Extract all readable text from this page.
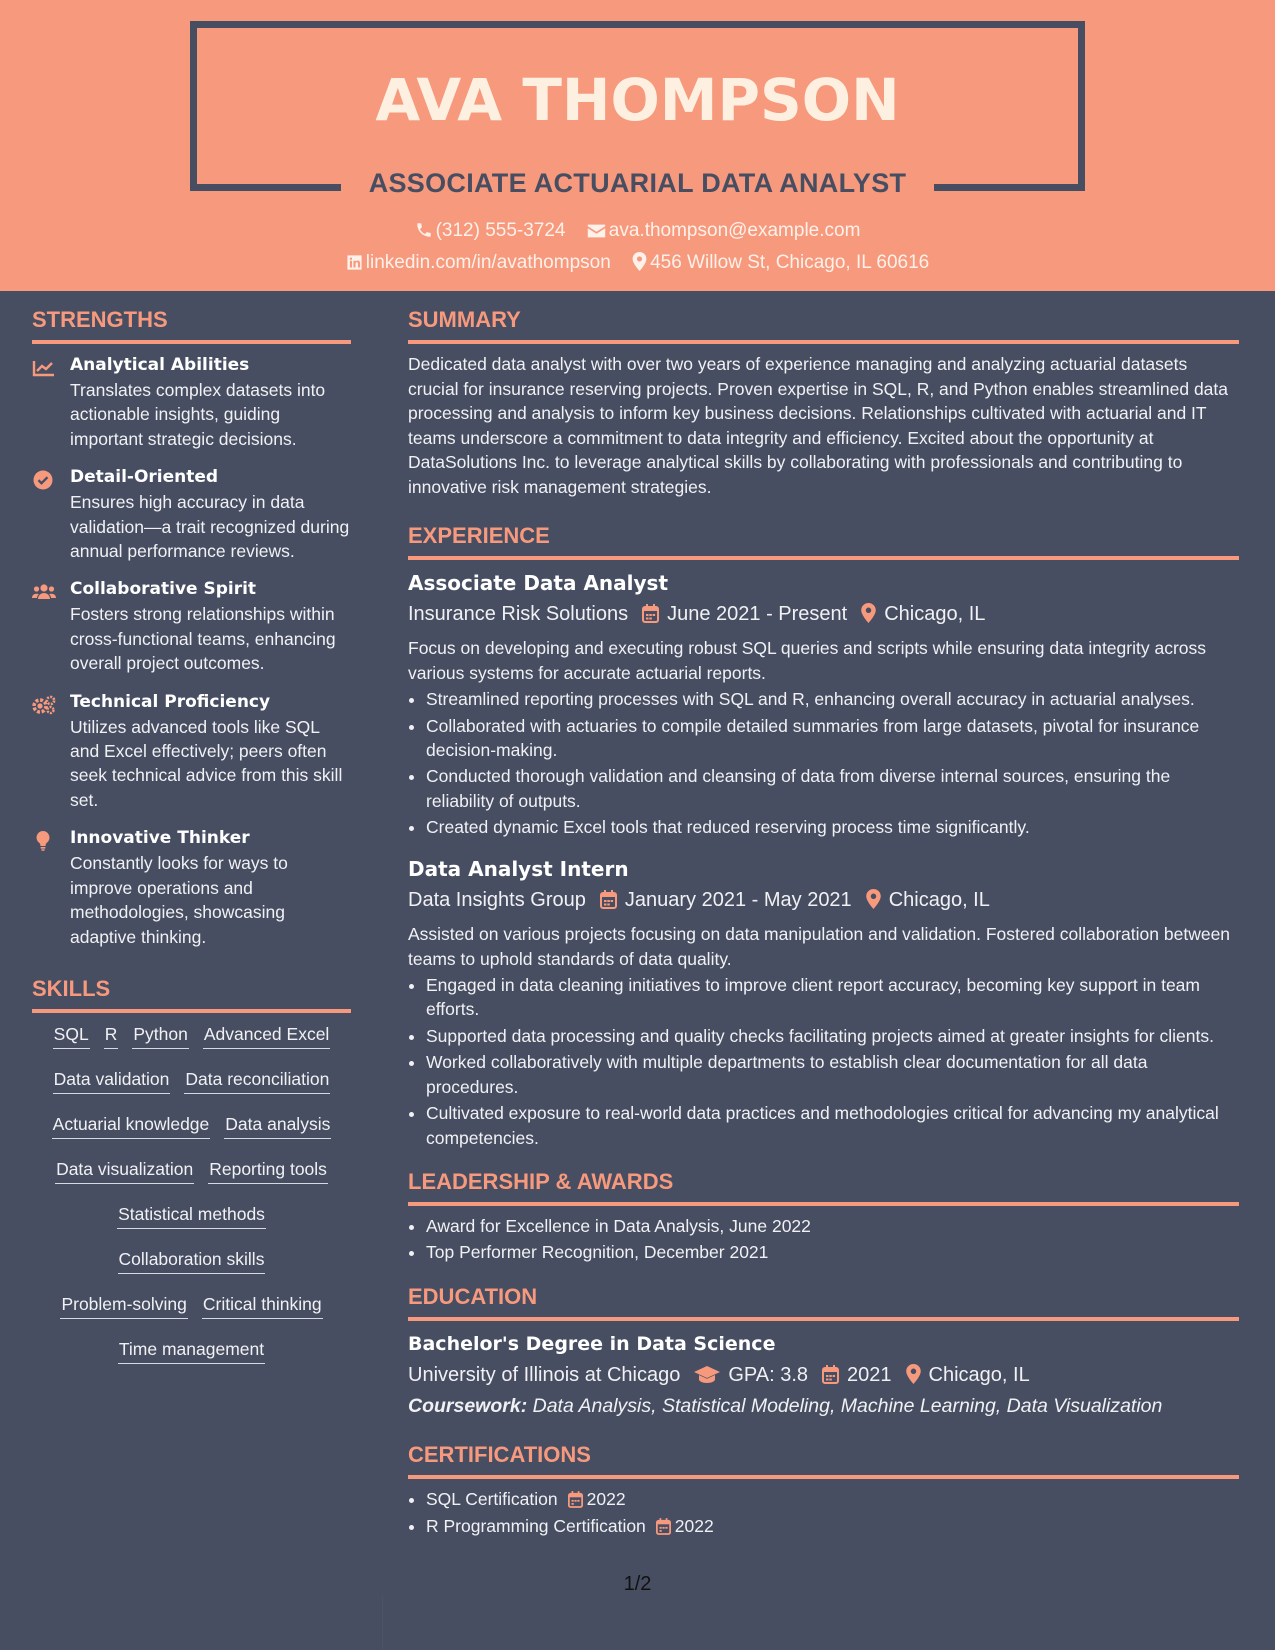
AVA THOMPSON
ASSOCIATE ACTUARIAL DATA ANALYST
(312) 555-3724 ava.thompson@example.com
linkedin.com/in/avathompson 456 Willow St, Chicago, IL 60616
STRENGTHS
Analytical Abilities
Translates complex datasets into actionable insights, guiding important strategic decisions.
Detail-Oriented
Ensures high accuracy in data validation—a trait recognized during annual performance reviews.
Collaborative Spirit
Fosters strong relationships within cross-functional teams, enhancing overall project outcomes.
Technical Proficiency
Utilizes advanced tools like SQL and Excel effectively; peers often seek technical advice from this skill set.
Innovative Thinker
Constantly looks for ways to improve operations and methodologies, showcasing adaptive thinking.
SKILLS
SQL R Python Advanced Excel
Data validation Data reconciliation
Actuarial knowledge Data analysis
Data visualization Reporting tools
Statistical methods
Collaboration skills
Problem-solving Critical thinking
Time management
SUMMARY
Dedicated data analyst with over two years of experience managing and analyzing actuarial datasets crucial for insurance reserving projects. Proven expertise in SQL, R, and Python enables streamlined data processing and analysis to inform key business decisions. Relationships cultivated with actuarial and IT teams underscore a commitment to data integrity and efficiency. Excited about the opportunity at DataSolutions Inc. to leverage analytical skills by collaborating with professionals and contributing to innovative risk management strategies.
EXPERIENCE
Associate Data Analyst
Insurance Risk Solutions June 2021 - Present Chicago, IL
Focus on developing and executing robust SQL queries and scripts while ensuring data integrity across various systems for accurate actuarial reports.
• Streamlined reporting processes with SQL and R, enhancing overall accuracy in actuarial analyses.
• Collaborated with actuaries to compile detailed summaries from large datasets, pivotal for insurance decision-making.
• Conducted thorough validation and cleansing of data from diverse internal sources, ensuring the reliability of outputs.
• Created dynamic Excel tools that reduced reserving process time significantly.
Data Analyst Intern
Data Insights Group January 2021 - May 2021 Chicago, IL
Assisted on various projects focusing on data manipulation and validation. Fostered collaboration between teams to uphold standards of data quality.
• Engaged in data cleaning initiatives to improve client report accuracy, becoming key support in team efforts.
• Supported data processing and quality checks facilitating projects aimed at greater insights for clients.
• Worked collaboratively with multiple departments to establish clear documentation for all data procedures.
• Cultivated exposure to real-world data practices and methodologies critical for advancing my analytical competencies.
LEADERSHIP & AWARDS
• Award for Excellence in Data Analysis, June 2022
• Top Performer Recognition, December 2021
EDUCATION
Bachelor's Degree in Data Science
University of Illinois at Chicago GPA: 3.8 2021 Chicago, IL
Coursework: Data Analysis, Statistical Modeling, Machine Learning, Data Visualization
CERTIFICATIONS
• SQL Certification 2022
• R Programming Certification 2022
1/2
